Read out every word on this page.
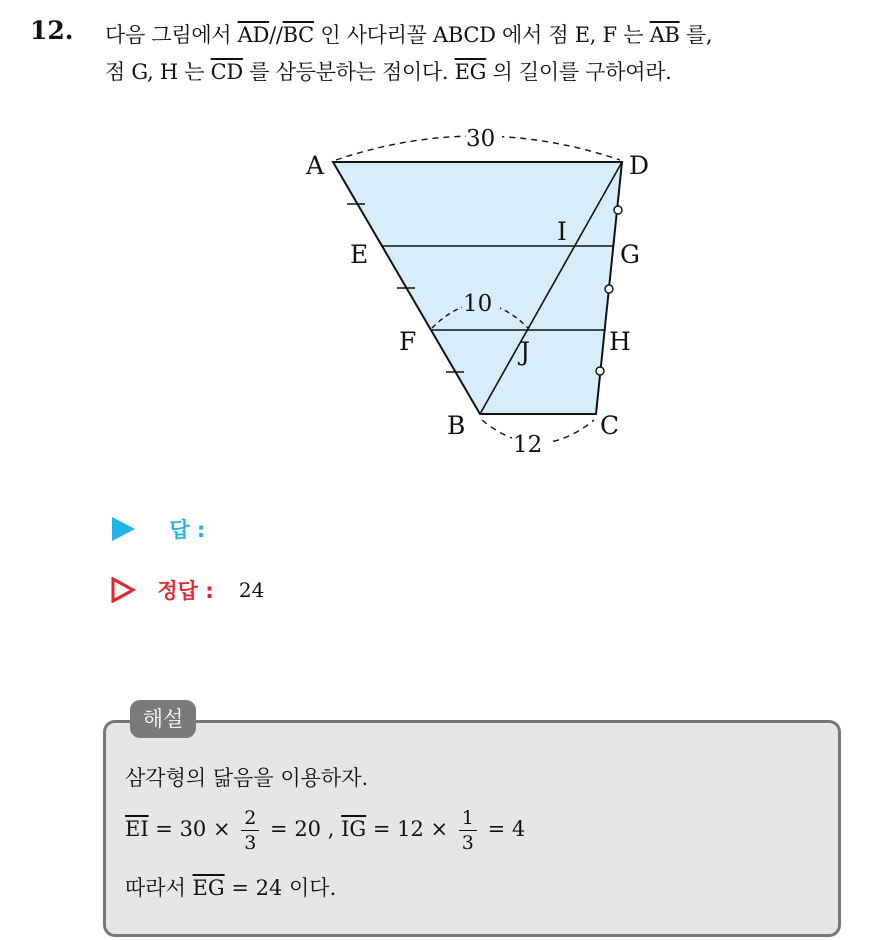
12. 다음 그림에서 $\overline{AD}//\overline{BC}$ 인 사다리꼴 ABCD 에서 점 E, F 는 $\overline{AB}$ 를,
점 G, H 는 $\overline{CD}$ 를 삼등분하는 점이다. $\overline{EG}$ 의 길이를 구하여라.
30
10
12
A	D
E	G
I
F	H
J
B	C
답 :
정답 : 24
해설
삼각형의 닮음을 이용하자.
$\overline{EI} = 30 \times \frac{2}{3} = 20$ , $\overline{IG} = 12 \times \frac{1}{3} = 4$
따라서 $\overline{EG} = 24$ 이다.
